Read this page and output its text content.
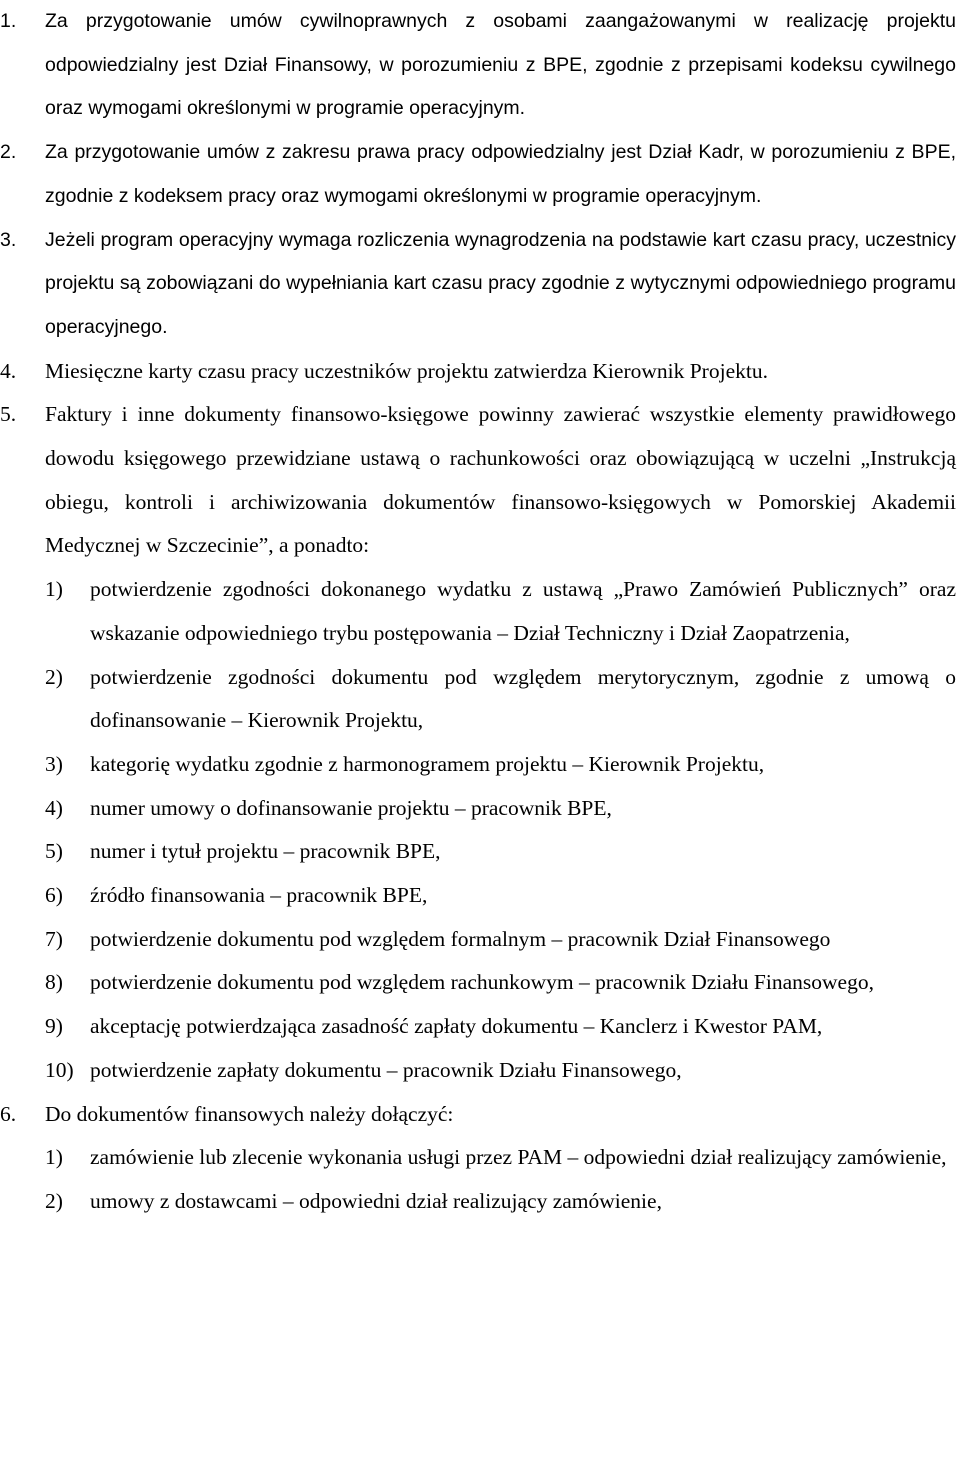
1. Za przygotowanie umów cywilnoprawnych z osobami zaangażowanymi w realizację projektu odpowiedzialny jest Dział Finansowy, w porozumieniu z BPE, zgodnie z przepisami kodeksu cywilnego oraz wymogami określonymi w programie operacyjnym.

2. Za przygotowanie umów z zakresu prawa pracy odpowiedzialny jest Dział Kadr, w porozumieniu z BPE, zgodnie z kodeksem pracy oraz wymogami określonymi w programie operacyjnym.

3. Jeżeli program operacyjny wymaga rozliczenia wynagrodzenia na podstawie kart czasu pracy, uczestnicy projektu są zobowiązani do wypełniania kart czasu pracy zgodnie z wytycznymi odpowiedniego programu operacyjnego.

4. Miesięczne karty czasu pracy uczestników projektu zatwierdza Kierownik Projektu.

5. Faktury i inne dokumenty finansowo-księgowe powinny zawierać wszystkie elementy prawidłowego dowodu księgowego przewidziane ustawą o rachunkowości oraz obowiązującą w uczelni „Instrukcją obiegu, kontroli i archiwizowania dokumentów finansowo-księgowych w Pomorskiej Akademii Medycznej w Szczecinie”, a ponadto:

1) potwierdzenie zgodności dokonanego wydatku z ustawą „Prawo Zamówień Publicznych” oraz wskazanie odpowiedniego trybu postępowania – Dział Techniczny i Dział Zaopatrzenia,

2) potwierdzenie zgodności dokumentu pod względem merytorycznym, zgodnie z umową o dofinansowanie – Kierownik Projektu,

3) kategorię wydatku zgodnie z harmonogramem projektu – Kierownik Projektu,

4) numer umowy o dofinansowanie projektu – pracownik BPE,

5) numer i tytuł projektu – pracownik BPE,

6) źródło finansowania – pracownik BPE,

7) potwierdzenie dokumentu pod względem formalnym – pracownik Dział Finansowego

8) potwierdzenie dokumentu pod względem rachunkowym – pracownik Działu Finansowego,

9) akceptację potwierdzająca zasadność zapłaty dokumentu – Kanclerz i Kwestor PAM,

10) potwierdzenie zapłaty dokumentu – pracownik Działu Finansowego,

6. Do dokumentów finansowych należy dołączyć:

1) zamówienie lub zlecenie wykonania usługi przez PAM – odpowiedni dział realizujący zamówienie,

2) umowy z dostawcami – odpowiedni dział realizujący zamówienie,
